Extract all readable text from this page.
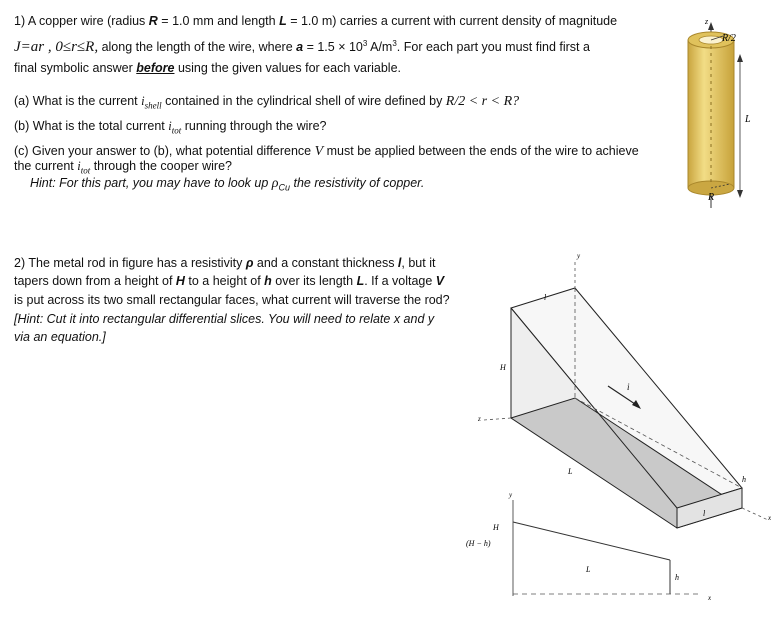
1) A copper wire (radius R = 1.0 mm and length L = 1.0 m) carries a current with current density of magnitude
J=ar , 0≤r≤R, along the length of the wire, where $a = 1.5 \times 10^3$ $A/m^3$. For each part you must find first a
final symbolic answer before using the given values for each variable.
(a) What is the current $i_{shell}$ contained in the cylindrical shell of wire defined by R/2 < r < R?
(b) What is the total current $i_{tot}$ running through the wire?
(c) Given your answer to (b), what potential difference V must be applied between the ends of the wire to achieve
the current $i_{tot}$ through the cooper wire?
Hint: For this part, you may have to look up $\rho_{Cu}$ the resistivity of copper.
2) The metal rod in figure has a resistivity ρ and a constant thickness l, but it
tapers down from a height of H to a height of h over its length L. If a voltage V
is put across its two small rectangular faces, what current will traverse the rod?
[Hint: Cut it into rectangular differential slices. You will need to relate x and y
via an equation.]
z
R/2
L
R
y
l
H
z
i
L
h
l	x
y
H
(H − h)
L
h
x
